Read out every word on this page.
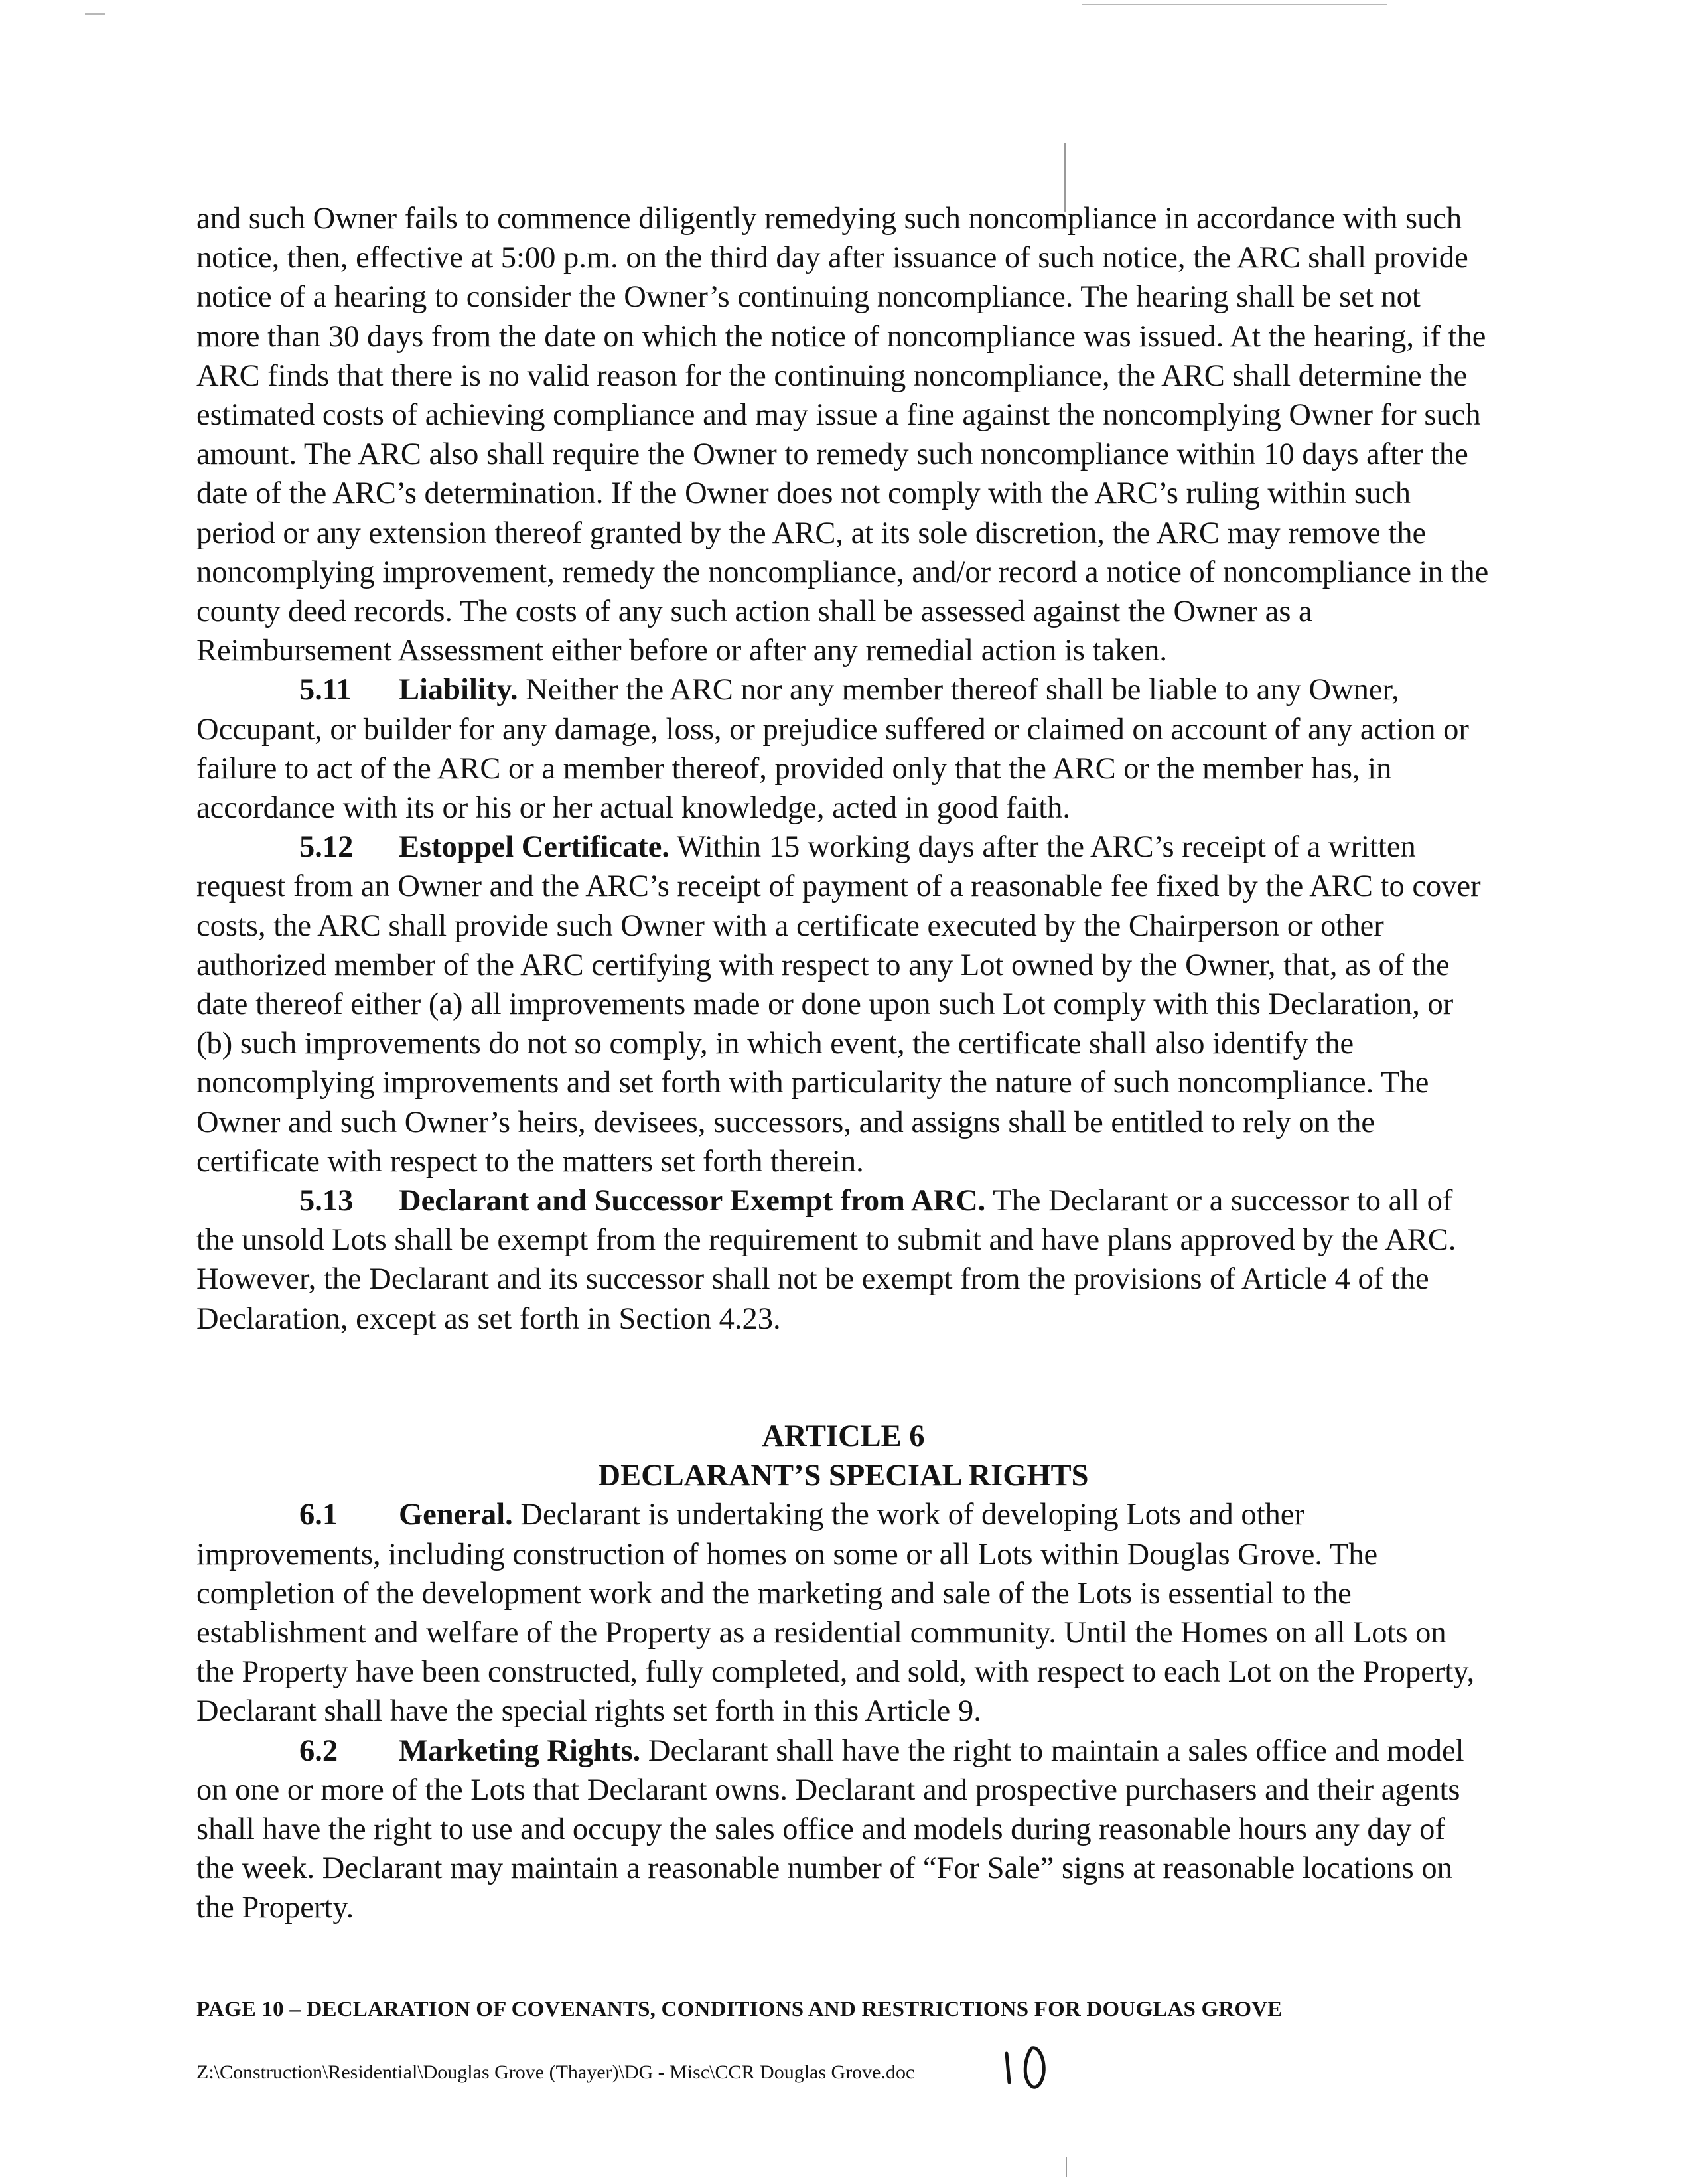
and such Owner fails to commence diligently remedying such noncompliance in accordance with such notice, then, effective at 5:00 p.m. on the third day after issuance of such notice, the ARC shall provide notice of a hearing to consider the Owner’s continuing noncompliance. The hearing shall be set not more than 30 days from the date on which the notice of noncompliance was issued. At the hearing, if the ARC finds that there is no valid reason for the continuing noncompliance, the ARC shall determine the estimated costs of achieving compliance and may issue a fine against the noncomplying Owner for such amount. The ARC also shall require the Owner to remedy such noncompliance within 10 days after the date of the ARC’s determination. If the Owner does not comply with the ARC’s ruling within such period or any extension thereof granted by the ARC, at its sole discretion, the ARC may remove the noncomplying improvement, remedy the noncompliance, and/or record a notice of noncompliance in the county deed records. The costs of any such action shall be assessed against the Owner as a Reimbursement Assessment either before or after any remedial action is taken.

5.11 Liability. Neither the ARC nor any member thereof shall be liable to any Owner, Occupant, or builder for any damage, loss, or prejudice suffered or claimed on account of any action or failure to act of the ARC or a member thereof, provided only that the ARC or the member has, in accordance with its or his or her actual knowledge, acted in good faith.

5.12 Estoppel Certificate. Within 15 working days after the ARC’s receipt of a written request from an Owner and the ARC’s receipt of payment of a reasonable fee fixed by the ARC to cover costs, the ARC shall provide such Owner with a certificate executed by the Chairperson or other authorized member of the ARC certifying with respect to any Lot owned by the Owner, that, as of the date thereof either (a) all improvements made or done upon such Lot comply with this Declaration, or (b) such improvements do not so comply, in which event, the certificate shall also identify the noncomplying improvements and set forth with particularity the nature of such noncompliance. The Owner and such Owner’s heirs, devisees, successors, and assigns shall be entitled to rely on the certificate with respect to the matters set forth therein.

5.13 Declarant and Successor Exempt from ARC. The Declarant or a successor to all of the unsold Lots shall be exempt from the requirement to submit and have plans approved by the ARC. However, the Declarant and its successor shall not be exempt from the provisions of Article 4 of the Declaration, except as set forth in Section 4.23.

ARTICLE 6
DECLARANT’S SPECIAL RIGHTS

6.1 General. Declarant is undertaking the work of developing Lots and other improvements, including construction of homes on some or all Lots within Douglas Grove. The completion of the development work and the marketing and sale of the Lots is essential to the establishment and welfare of the Property as a residential community. Until the Homes on all Lots on the Property have been constructed, fully completed, and sold, with respect to each Lot on the Property, Declarant shall have the special rights set forth in this Article 9.

6.2 Marketing Rights. Declarant shall have the right to maintain a sales office and model on one or more of the Lots that Declarant owns. Declarant and prospective purchasers and their agents shall have the right to use and occupy the sales office and models during reasonable hours any day of the week. Declarant may maintain a reasonable number of “For Sale” signs at reasonable locations on the Property.

PAGE 10 – DECLARATION OF COVENANTS, CONDITIONS AND RESTRICTIONS FOR DOUGLAS GROVE
Z:\Construction\Residential\Douglas Grove (Thayer)\DG - Misc\CCR Douglas Grove.doc
